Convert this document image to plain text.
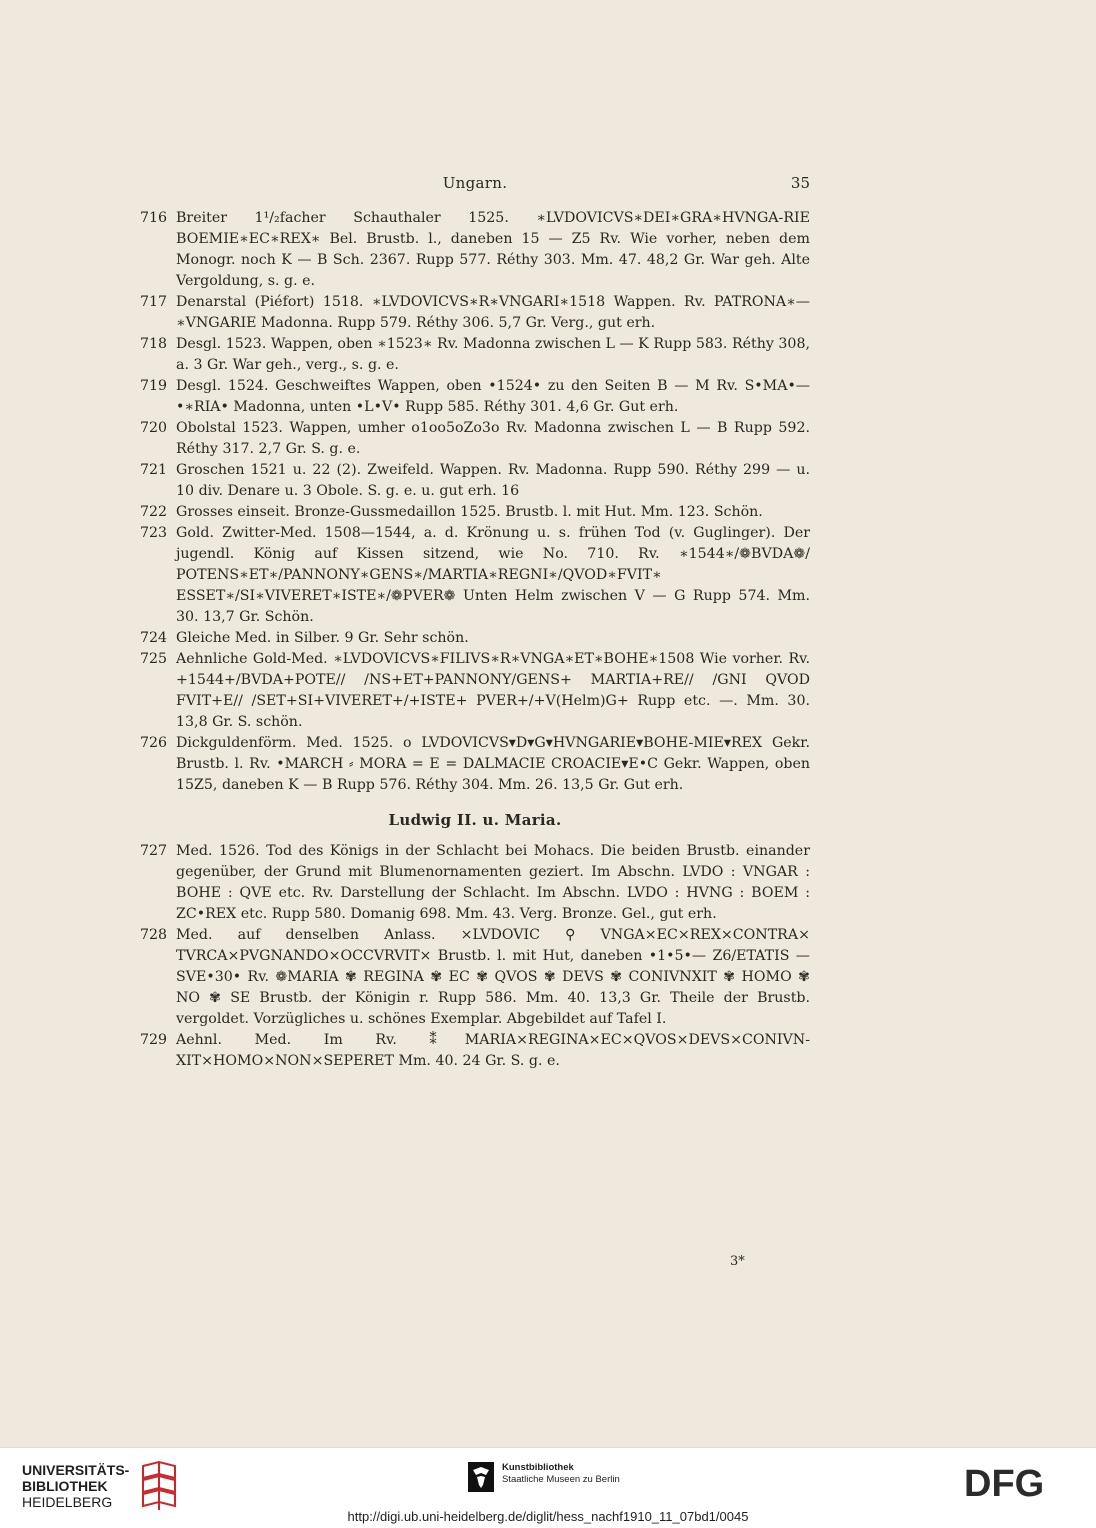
Ungarn.	35
716 Breiter 1¹/₂facher Schauthaler 1525. ∗LVDOVICVS∗DEI∗GRA∗HVNGA-RIE BOEMIE∗EC∗REX∗ Bel. Brustb. l., daneben 15 — Z5 Rv. Wie vorher, neben dem Monogr. noch K — B Sch. 2367. Rupp 577. Réthy 303. Mm. 47. 48,2 Gr. War geh. Alte Vergoldung, s. g. e.
717 Denarstal (Piéfort) 1518. ∗LVDOVICVS∗R∗VNGARI∗1518 Wappen. Rv. PATRONA∗—∗VNGARIE Madonna. Rupp 579. Réthy 306. 5,7 Gr. Verg., gut erh.
718 Desgl. 1523. Wappen, oben ∗1523∗ Rv. Madonna zwischen L — K Rupp 583. Réthy 308, a. 3 Gr. War geh., verg., s. g. e.
719 Desgl. 1524. Geschweiftes Wappen, oben •1524• zu den Seiten B — M Rv. S•MA•—•∗RIA• Madonna, unten •L•V• Rupp 585. Réthy 301. 4,6 Gr. Gut erh.
720 Obolstal 1523. Wappen, umher o1oo5oZo3o Rv. Madonna zwischen L — B Rupp 592. Réthy 317. 2,7 Gr. S. g. e.
721 Groschen 1521 u. 22 (2). Zweifeld. Wappen. Rv. Madonna. Rupp 590. Réthy 299 — u. 10 div. Denare u. 3 Obole. S. g. e. u. gut erh. 16
722 Grosses einseit. Bronze-Gussmedaillon 1525. Brustb. l. mit Hut. Mm. 123. Schön.
723 Gold. Zwitter-Med. 1508—1544, a. d. Krönung u. s. frühen Tod (v. Guglinger). Der jugendl. König auf Kissen sitzend, wie No. 710. Rv. ∗1544∗/❁BVDA❁/ POTENS∗ET∗/PANNONY∗GENS∗/MARTIA∗REGNI∗/QVOD∗FVIT∗ ESSET∗/SI∗VIVERET∗ISTE∗/❁PVER❁ Unten Helm zwischen V — G Rupp 574. Mm. 30. 13,7 Gr. Schön.
724 Gleiche Med. in Silber. 9 Gr. Sehr schön.
725 Aehnliche Gold-Med. ∗LVDOVICVS∗FILIVS∗R∗VNGA∗ET∗BOHE∗1508 Wie vorher. Rv. +1544+/BVDA+POTE// /NS+ET+PANNONY/GENS+ MARTIA+RE// /GNI QVOD FVIT+E// /SET+SI+VIVERET+/+ISTE+ PVER+/+V(Helm)G+ Rupp etc. —. Mm. 30. 13,8 Gr. S. schön.
726 Dickguldenförm. Med. 1525. o LVDOVICVS▾D▾G▾HVNGARIE▾BOHE-MIE▾REX Gekr. Brustb. l. Rv. •MARCH ⸗ MORA = E = DALMACIE CROACIE▾E•C Gekr. Wappen, oben 15Z5, daneben K — B Rupp 576. Réthy 304. Mm. 26. 13,5 Gr. Gut erh.
Ludwig II. u. Maria.
727 Med. 1526. Tod des Königs in der Schlacht bei Mohacs. Die beiden Brustb. einander gegenüber, der Grund mit Blumenornamenten geziert. Im Abschn. LVDO : VNGAR : BOHE : QVE etc. Rv. Darstellung der Schlacht. Im Abschn. LVDO : HVNG : BOEM : ZC•REX etc. Rupp 580. Domanig 698. Mm. 43. Verg. Bronze. Gel., gut erh.
728 Med. auf denselben Anlass. ×LVDOVIC ⚲ VNGA×EC×REX×CONTRA× TVRCA×PVGNANDO×OCCVRVIT× Brustb. l. mit Hut, daneben •1•5•— Z6/ETATIS — SVE•30• Rv. ❁MARIA ✾ REGINA ✾ EC ✾ QVOS ✾ DEVS ✾ CONIVNXIT ✾ HOMO ✾ NO ✾ SE Brustb. der Königin r. Rupp 586. Mm. 40. 13,3 Gr. Theile der Brustb. vergoldet. Vorzügliches u. schönes Exemplar. Abgebildet auf Tafel I.
729 Aehnl. Med. Im Rv. ⁑MARIA×REGINA×EC×QVOS×DEVS×CONIVN-XIT×HOMO×NON×SEPERET Mm. 40. 24 Gr. S. g. e.
3*
UNIVERSITÄTS-
BIBLIOTHEK
HEIDELBERG
Kunstbibliothek
Staatliche Museen zu Berlin	DFG
http://digi.ub.uni-heidelberg.de/diglit/hess_nachf1910_11_07bd1/0045
